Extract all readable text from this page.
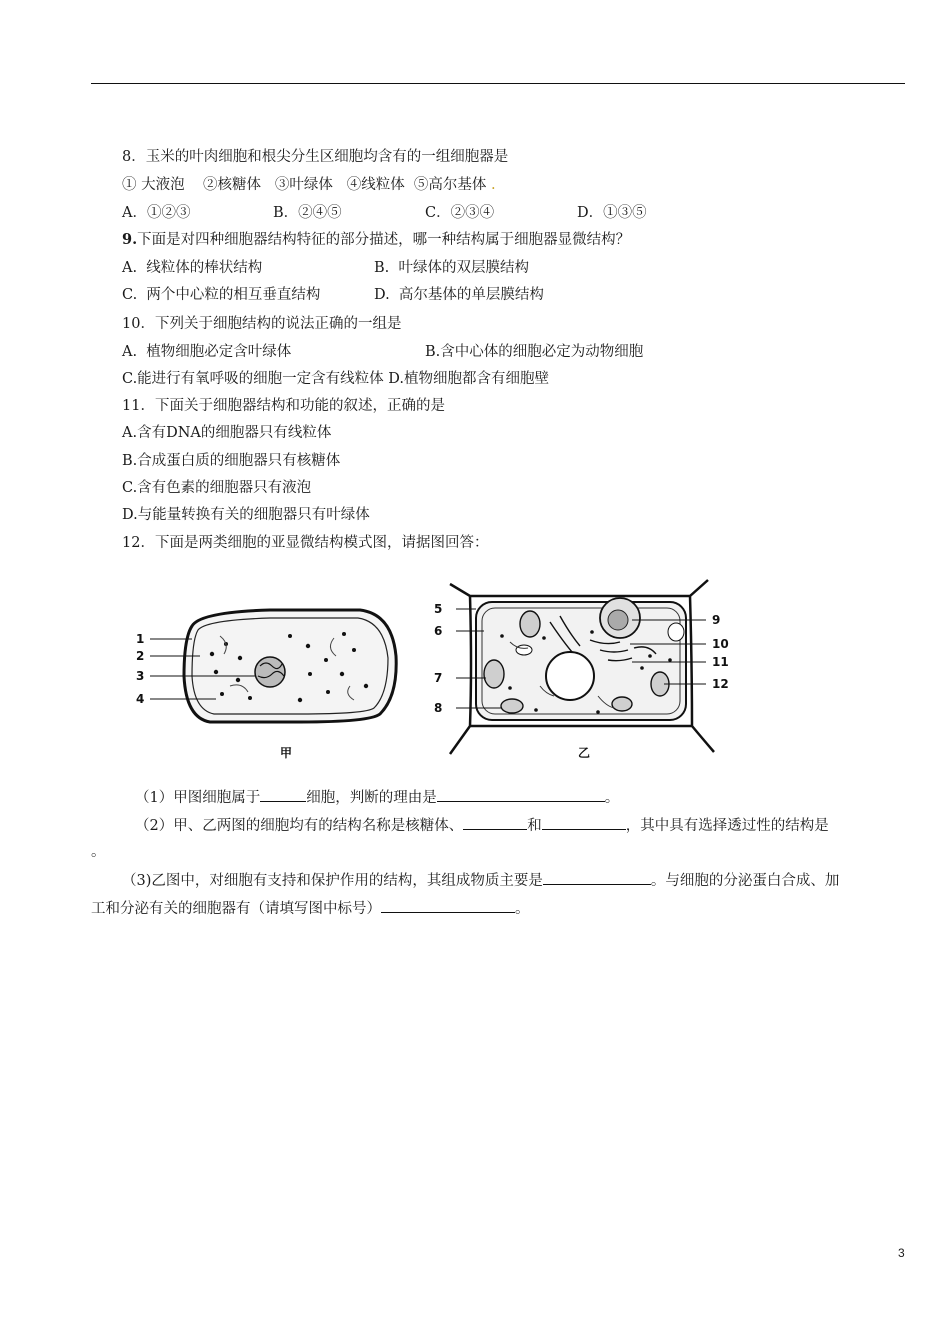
8．玉米的叶肉细胞和根尖分生区细胞均含有的一组细胞器是
① 大液泡    ②核糖体   ③叶绿体   ④线粒体  ⑤高尔基体 .
A．①②③	B．②④⑤	C．②③④	D．①③⑤
9.下面是对四种细胞器结构特征的部分描述，哪一种结构属于细胞器显微结构？
A.  线粒体的棒状结构	B.  叶绿体的双层膜结构
C.  两个中心粒的相互垂直结构	D.  高尔基体的单层膜结构
10．下列关于细胞结构的说法正确的一组是
A.  植物细胞必定含叶绿体	B.含中心体的细胞必定为动物细胞
C.能进行有氧呼吸的细胞一定含有线粒体 D.植物细胞都含有细胞壁
11．下面关于细胞器结构和功能的叙述，正确的是
A.含有DNA的细胞器只有线粒体
B.合成蛋白质的细胞器只有核糖体
C.含有色素的细胞器只有液泡
D.与能量转换有关的细胞器只有叶绿体
12．下面是两类细胞的亚显微结构模式图，请据图回答：
1
2
3
4
甲
5
6
7
8
9
10
11
12
乙
（1）甲图细胞属于	细胞，判断的理由是	。
（2）甲、乙两图的细胞均有的结构名称是核糖体、	和	，其中具有选择透过性的结构是
。
（3)乙图中，对细胞有支持和保护作用的结构，其组成物质主要是	。与细胞的分泌蛋白合成、加
工和分泌有关的细胞器有（请填写图中标号）	。
3
